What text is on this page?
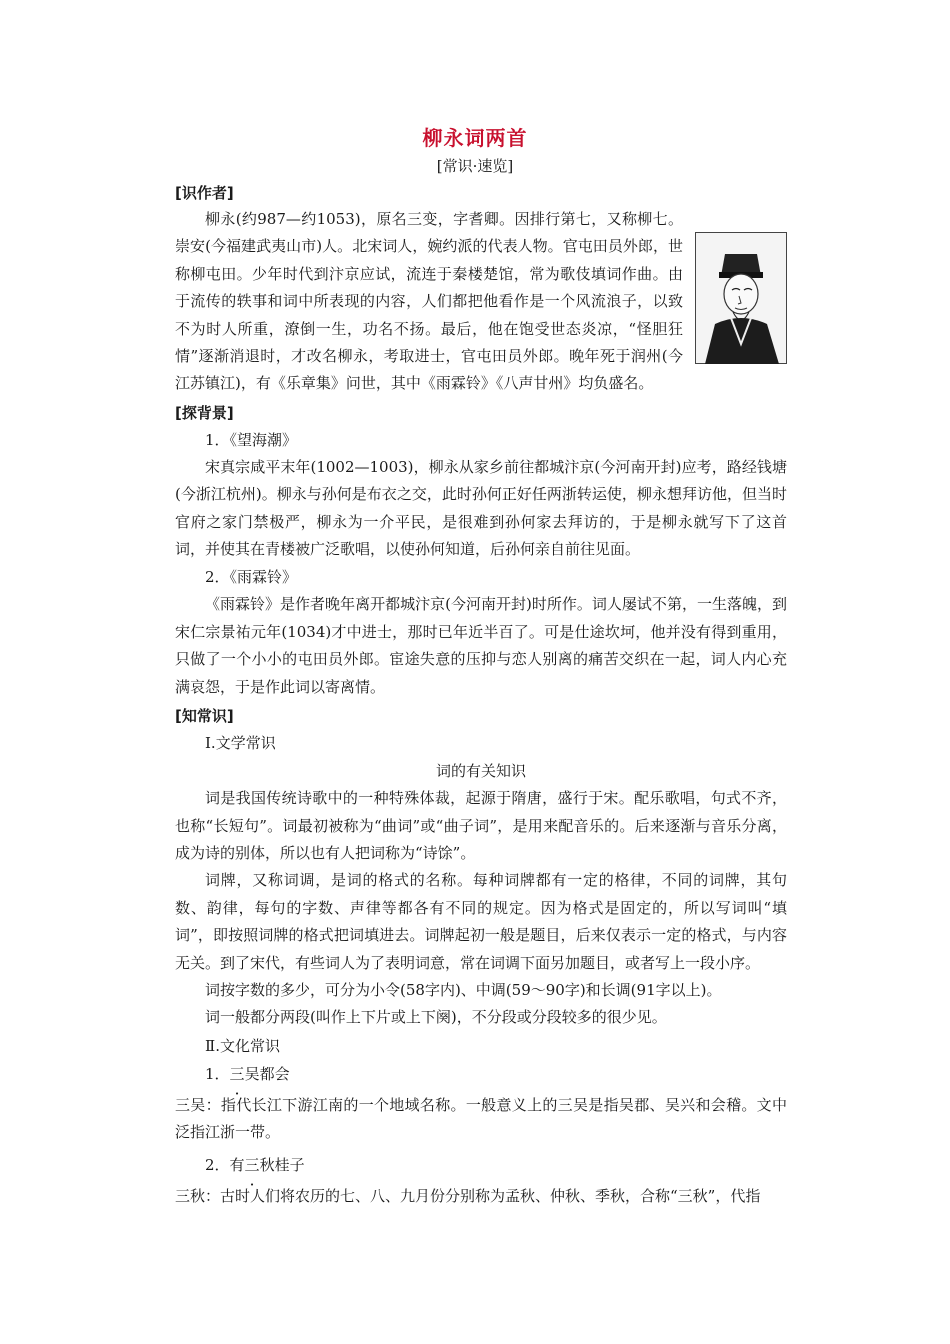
柳永词两首
[常识·速览]
[识作者]

柳永(约987—约1053)，原名三变，字耆卿。因排行第七，又称柳七。崇安(今福建武夷山市)人。北宋词人，婉约派的代表人物。官屯田员外郎，世称柳屯田。少年时代到汴京应试，流连于秦楼楚馆，常为歌伎填词作曲。由于流传的轶事和词中所表现的内容，人们都把他看作是一个风流浪子，以致不为时人所重，潦倒一生，功名不扬。最后，他在饱受世态炎凉，“怪胆狂情”逐渐消退时，才改名柳永，考取进士，官屯田员外郎。晚年死于润州(今江苏镇江)，有《乐章集》问世，其中《雨霖铃》《八声甘州》均负盛名。

[探背景]
1．《望海潮》

宋真宗咸平末年(1002—1003)，柳永从家乡前往都城汴京(今河南开封)应考，路经钱塘(今浙江杭州)。柳永与孙何是布衣之交，此时孙何正好任两浙转运使，柳永想拜访他，但当时官府之家门禁极严，柳永为一介平民，是很难到孙何家去拜访的，于是柳永就写下了这首词，并使其在青楼被广泛歌唱，以使孙何知道，后孙何亲自前往见面。

2．《雨霖铃》

《雨霖铃》是作者晚年离开都城汴京(今河南开封)时所作。词人屡试不第，一生落魄，到宋仁宗景祐元年(1034)才中进士，那时已年近半百了。可是仕途坎坷，他并没有得到重用，只做了一个小小的屯田员外郎。宦途失意的压抑与恋人别离的痛苦交织在一起，词人内心充满哀怨，于是作此词以寄离情。

[知常识]
Ⅰ.文学常识
词的有关知识

词是我国传统诗歌中的一种特殊体裁，起源于隋唐，盛行于宋。配乐歌唱，句式不齐，也称“长短句”。词最初被称为“曲词”或“曲子词”，是用来配音乐的。后来逐渐与音乐分离，成为诗的别体，所以也有人把词称为“诗馀”。

词牌，又称词调，是词的格式的名称。每种词牌都有一定的格律，不同的词牌，其句数、韵律，每句的字数、声律等都各有不同的规定。因为格式是固定的，所以写词叫“填词”，即按照词牌的格式把词填进去。词牌起初一般是题目，后来仅表示一定的格式，与内容无关。到了宋代，有些词人为了表明词意，常在词调下面另加题目，或者写上一段小序。

词按字数的多少，可分为小令(58字内)、中调(59～90字)和长调(91字以上)。

词一般都分两段(叫作上下片或上下阕)，不分段或分段较多的很少见。

Ⅱ.文化常识
1．三吴都会

三吴：指代长江下游江南的一个地域名称。一般意义上的三吴是指吴郡、吴兴和会稽。文中泛指江浙一带。

2．有三秋桂子

三秋：古时人们将农历的七、八、九月份分别称为孟秋、仲秋、季秋，合称“三秋”，代指
